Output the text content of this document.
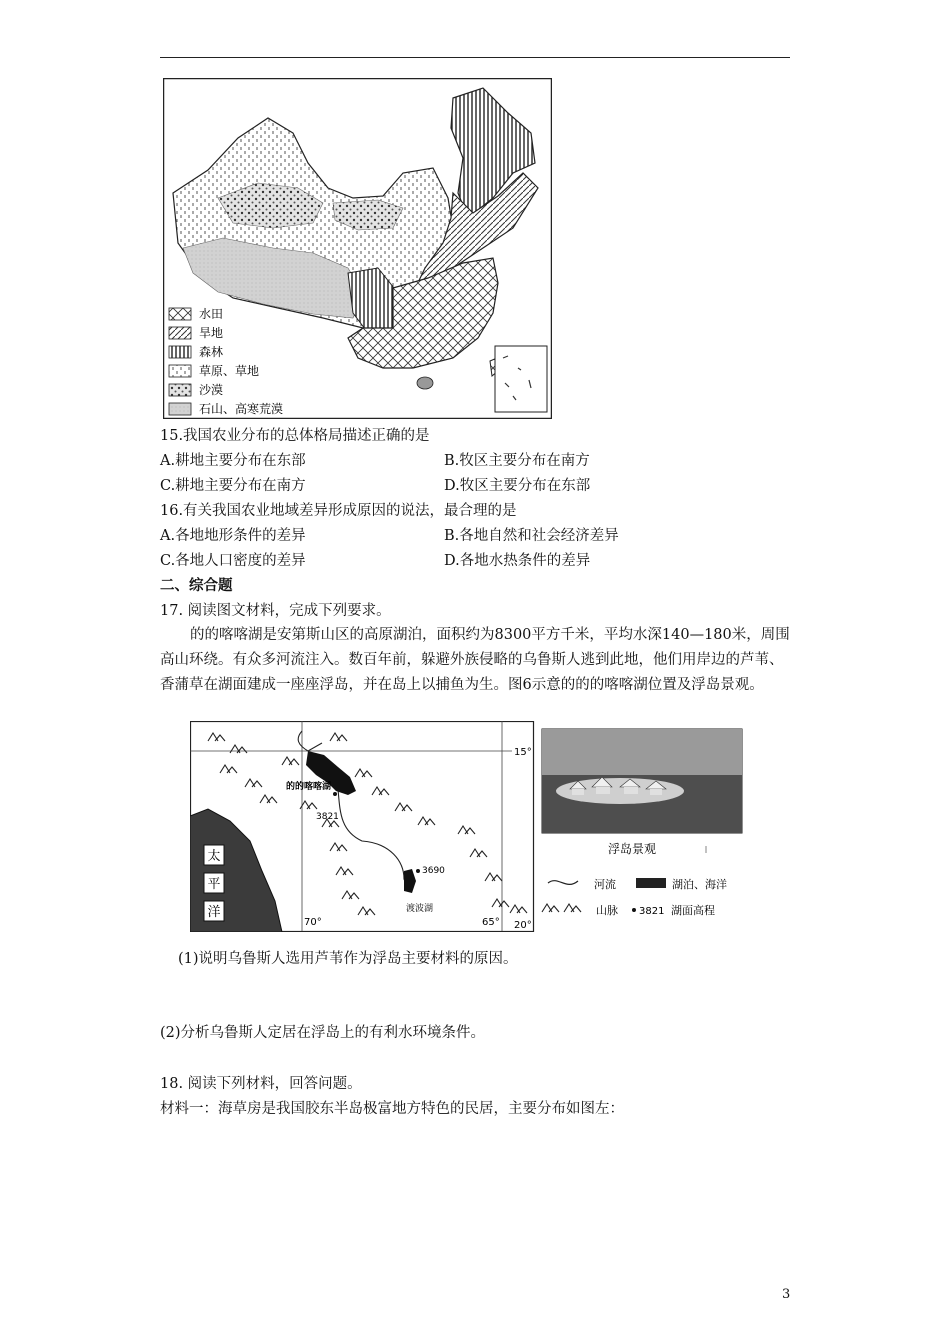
水田
旱地
森林
草原、草地
沙漠
石山、高寒荒漠
15.我国农业分布的总体格局描述正确的是
A.耕地主要分布在东部	B.牧区主要分布在南方
C.耕地主要分布在南方	D.牧区主要分布在东部
16.有关我国农业地域差异形成原因的说法，最合理的是
A.各地地形条件的差异	B.各地自然和社会经济差异
C.各地人口密度的差异	D.各地水热条件的差异
二、综合题
17. 阅读图文材料，完成下列要求。
的的喀喀湖是安第斯山区的高原湖泊，面积约为8300平方千米，平均水深140—180米，周围高山环绕。有众多河流注入。数百年前，躲避外族侵略的乌鲁斯人逃到此地，他们用岸边的芦苇、香蒲草在湖面建成一座座浮岛，并在岛上以捕鱼为生。图6示意的的的喀喀湖位置及浮岛景观。
太
平
洋
的的喀喀湖
3821
3690
渡波湖
15°
20°
70°	65°
浮岛景观
河流	湖泊、海洋
山脉 3821 湖面高程
(1)说明乌鲁斯人选用芦苇作为浮岛主要材料的原因。
(2)分析乌鲁斯人定居在浮岛上的有利水环境条件。
18. 阅读下列材料，回答问题。
材料一：海草房是我国胶东半岛极富地方特色的民居，主要分布如图左：
3
